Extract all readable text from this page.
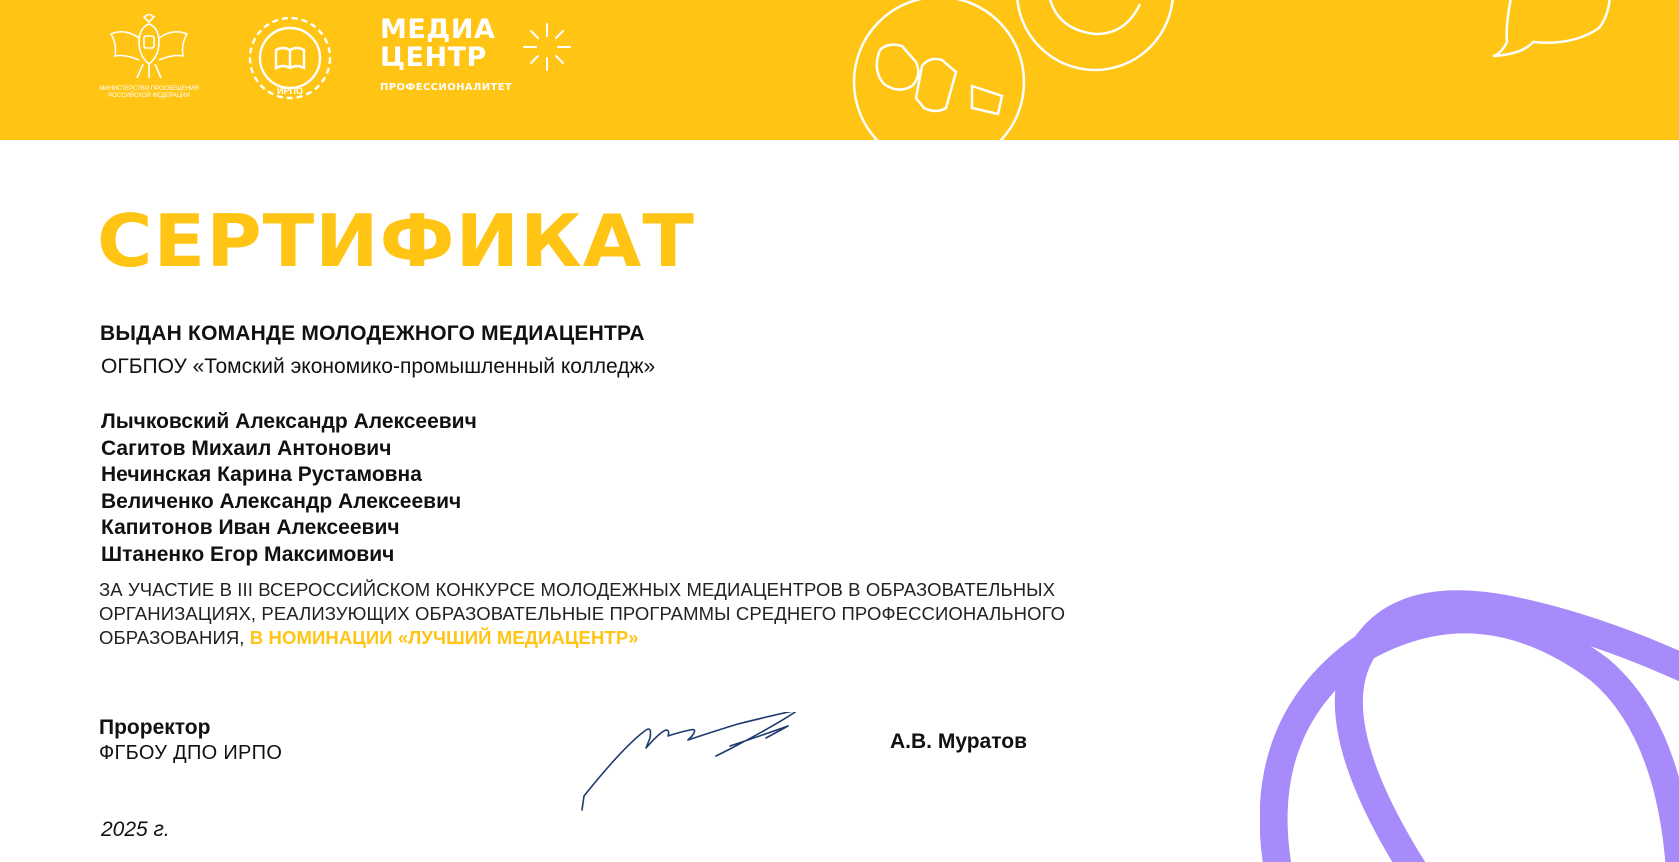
МИНИСТЕРСТВО ПРОСВЕЩЕНИЯ РОССИЙСКОЙ ФЕДЕРАЦИИ	ИРПО
МЕДИА
ЦЕНТР
ПРОФЕССИОНАЛИТЕТ
СЕРТИФИКАТ
ВЫДАН КОМАНДЕ МОЛОДЕЖНОГО МЕДИАЦЕНТРА
ОГБПОУ «Томский экономико-промышленный колледж»
Лычковский Александр Алексеевич
Сагитов Михаил Антонович
Нечинская Карина Рустамовна
Величенко Александр Алексеевич
Капитонов Иван Алексеевич
Штаненко Егор Максимович
ЗА УЧАСТИЕ В III ВСЕРОССИЙСКОМ КОНКУРСЕ МОЛОДЕЖНЫХ МЕДИАЦЕНТРОВ В ОБРАЗОВАТЕЛЬНЫХ
ОРГАНИЗАЦИЯХ, РЕАЛИЗУЮЩИХ ОБРАЗОВАТЕЛЬНЫЕ ПРОГРАММЫ СРЕДНЕГО ПРОФЕССИОНАЛЬНОГО
ОБРАЗОВАНИЯ, В НОМИНАЦИИ «ЛУЧШИЙ МЕДИАЦЕНТР»
Проректор
ФГБОУ ДПО ИРПО	А.В. Муратов
2025 г.
